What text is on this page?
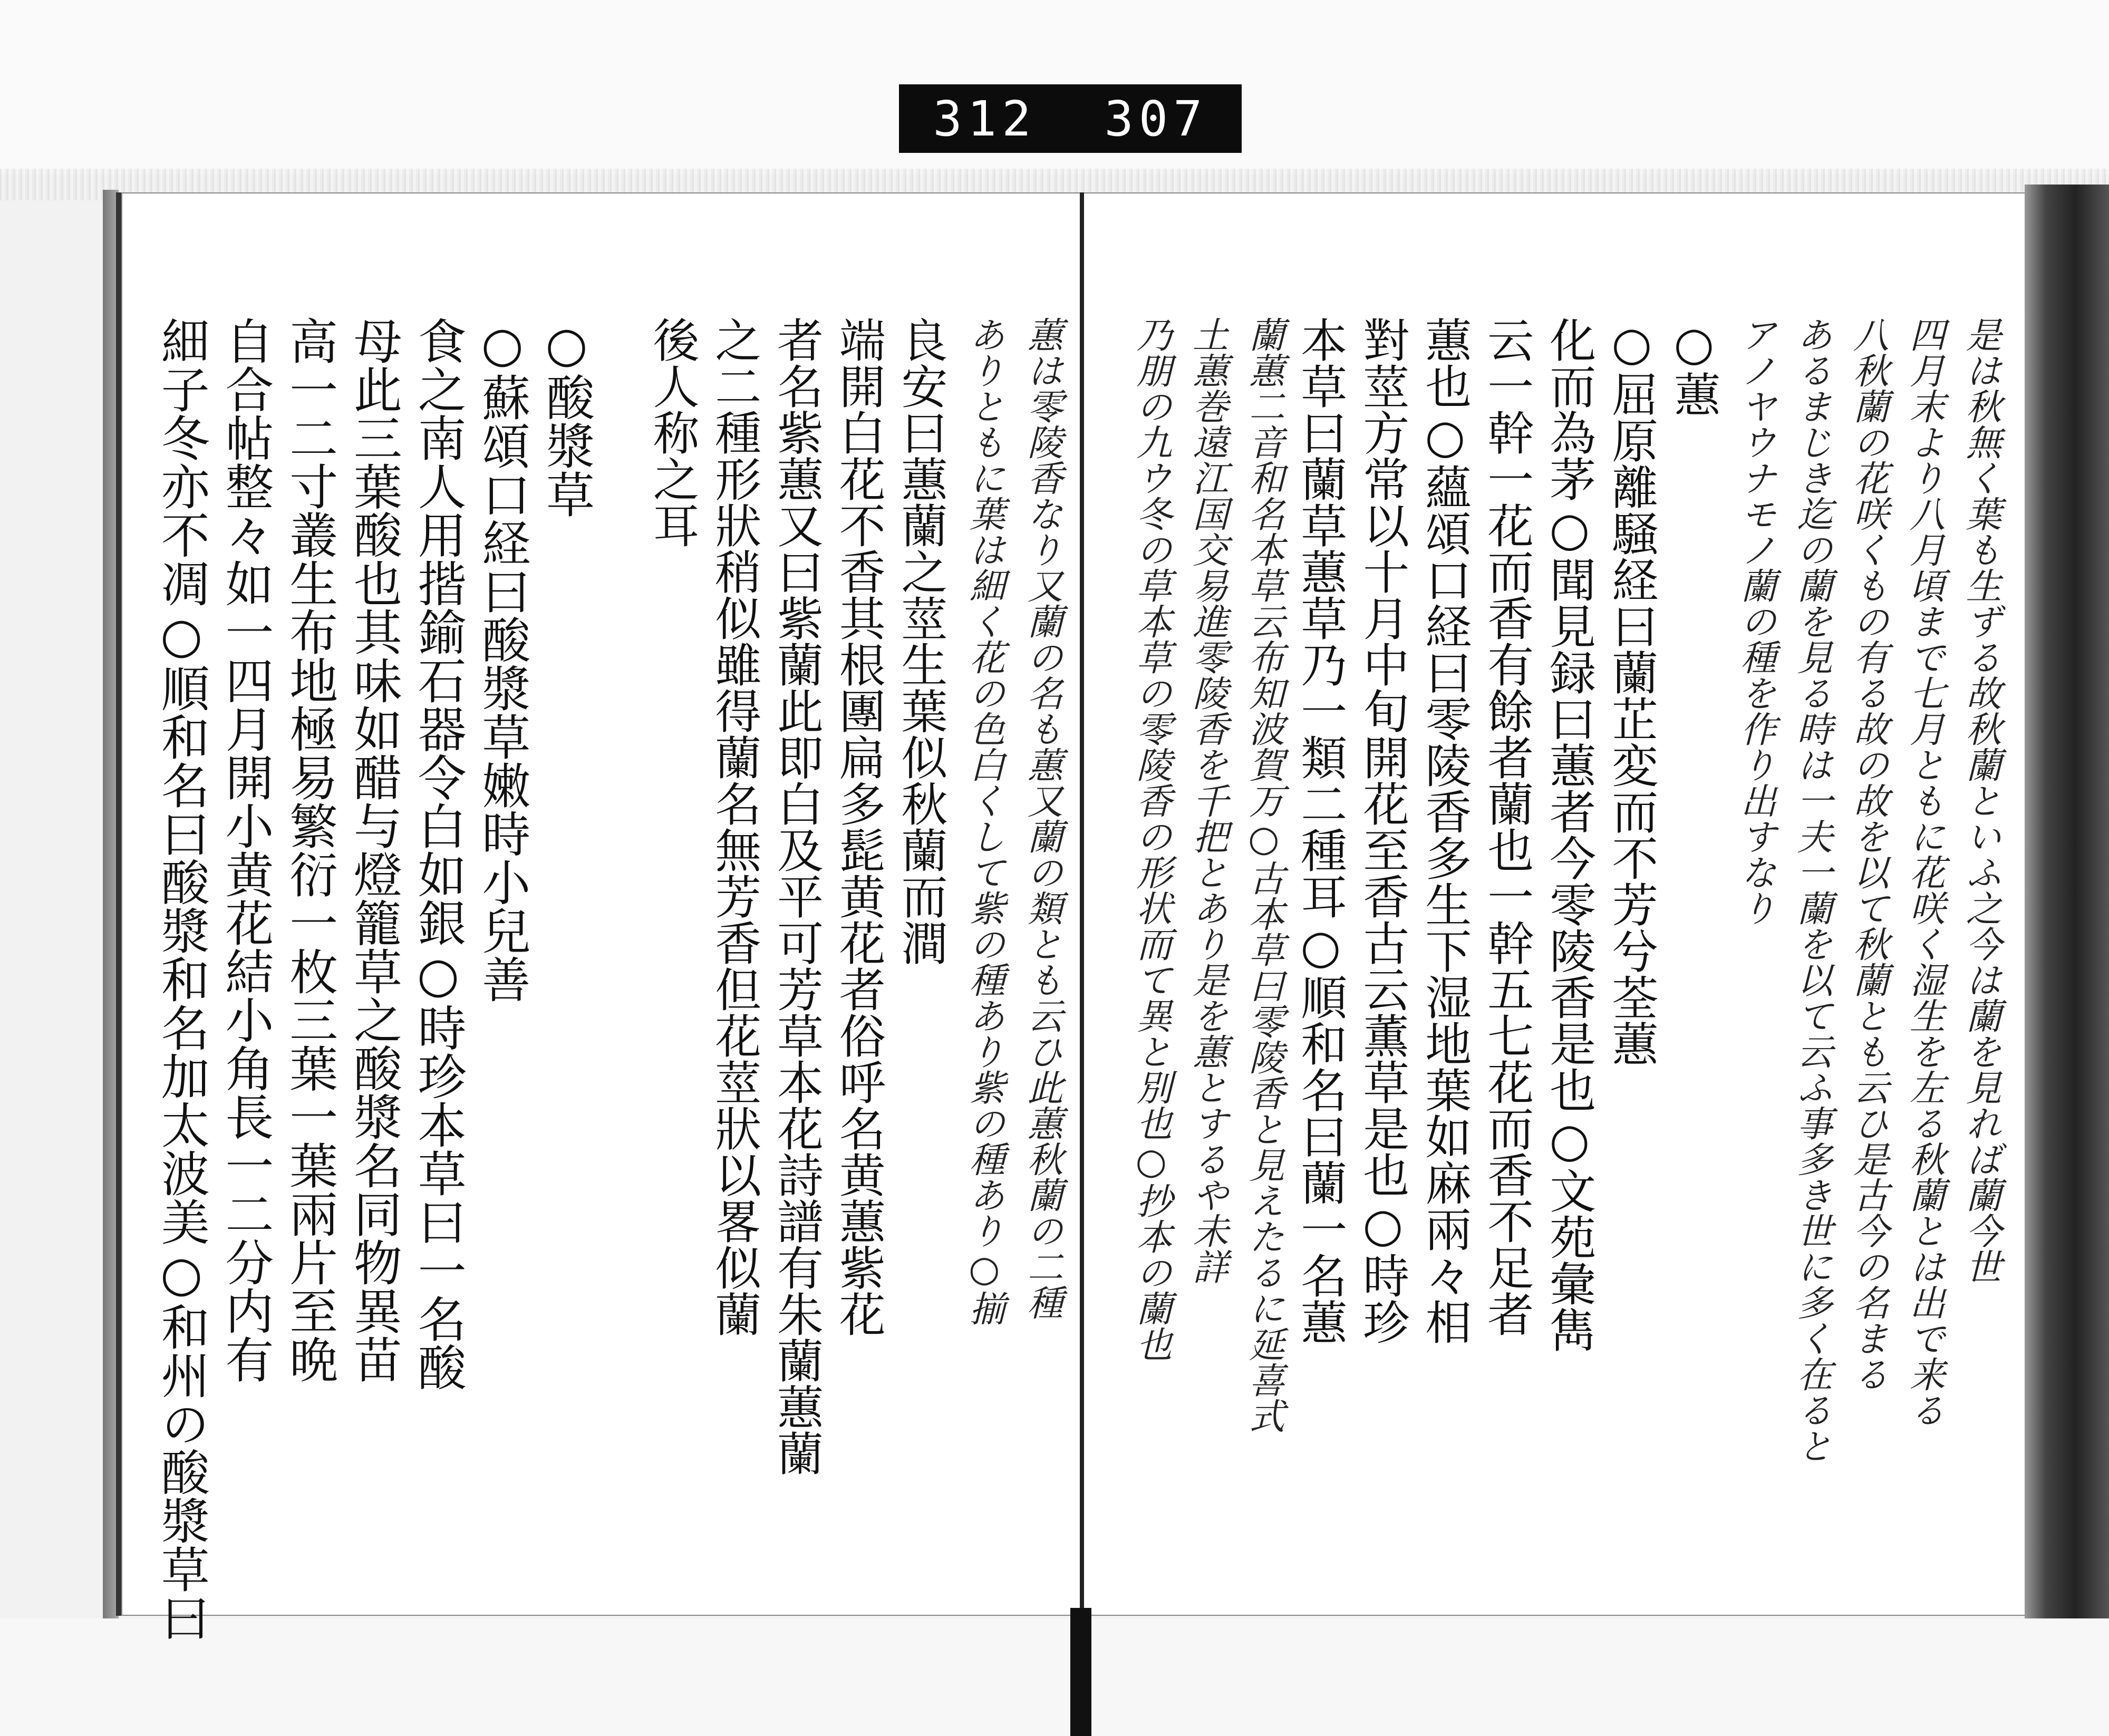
312 307
是は秋無く葉も生ずる故秋蘭といふ之今は蘭を見れば蘭今世
四月末より八月頃まで七月ともに花咲く湿生を左る秋蘭とは出で来る
八秋蘭の花咲くもの有る故の故を以て秋蘭とも云ひ是古今の名まる
あるまじき迄の蘭を見る時は一夫一蘭を以て云ふ事多き世に多く在ると
アノヤウナモノ蘭の種を作り出すなり
○蕙
○屈原離騒経曰蘭芷変而不芳兮荃蕙
化而為茅○聞見録曰蕙者今零陵香是也○文苑彙雋
云一幹一花而香有餘者蘭也一幹五七花而香不足者
蕙也○蘊頌口経曰零陵香多生下湿地葉如麻兩々相
對莖方常以十月中旬開花至香古云薫草是也○時珍
本草曰蘭草蕙草乃一類二種耳○順和名曰蘭一名蕙
蘭蕙二音和名本草云布知波賀万○古本草曰零陵香と見えたるに延喜式
土蕙巻遠江国交易進零陵香を千把とあり是を蕙とするや未詳
乃朋の九ウ冬の草本草の零陵香の形状而て異と別也○抄本の蘭也
蕙は零陵香なり又蘭の名も蕙又蘭の類とも云ひ此蕙秋蘭の二種
ありともに葉は細く花の色白くして紫の種あり紫の種あり○揃
良安曰蕙蘭之莖生葉似秋蘭而澗
端開白花不香其根團扁多髭黄花者俗呼名黄蕙紫花
者名紫蕙又曰紫蘭此即白及平可芳草本花詩譜有朱蘭蕙蘭
之二種形狀稍似雖得蘭名無芳香但花莖狀以畧似蘭
後人称之耳
○酸漿草
○蘇頌口経曰酸漿草嫩時小兒善
食之南人用揩鍮石器令白如銀○時珍本草曰一名酸
母此三葉酸也其味如醋与燈籠草之酸漿名同物異苗
高一二寸叢生布地極易繁衍一枚三葉一葉兩片至晩
自合帖整々如一四月開小黄花結小角長一二分内有
細子冬亦不凋○順和名曰酸漿和名加太波美○和州の酸漿草曰
